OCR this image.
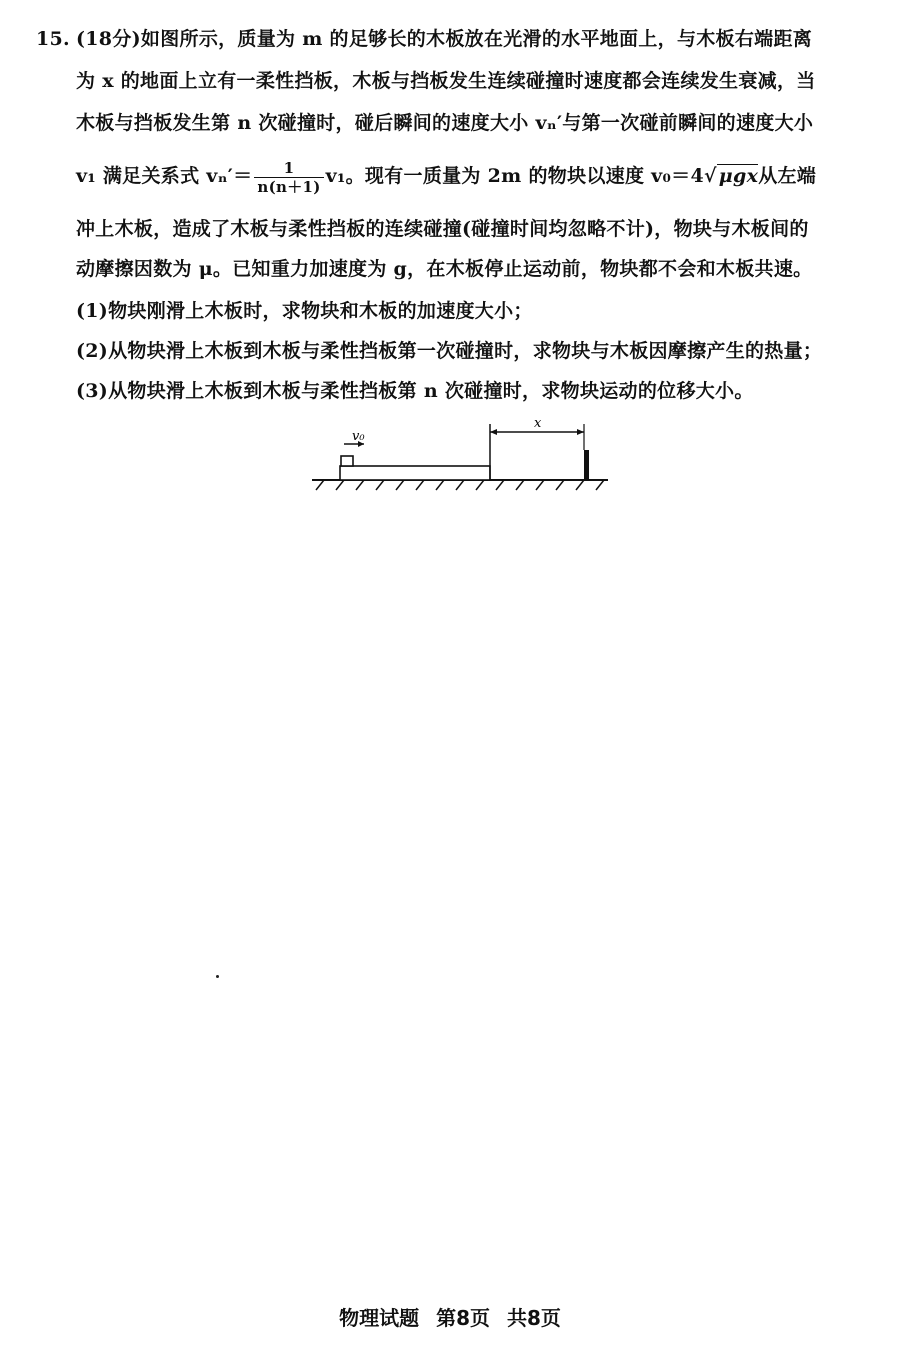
15. (18分)如图所示，质量为 m 的足够长的木板放在光滑的水平地面上，与木板右端距离
为 x 的地面上立有一柔性挡板，木板与挡板发生连续碰撞时速度都会连续发生衰减，当
木板与挡板发生第 n 次碰撞时，碰后瞬间的速度大小 vₙ′与第一次碰前瞬间的速度大小
v₁ 满足关系式 $v_n'= \frac{1}{n(n+1)} v_1$。现有一质量为 2m 的物块以速度 v₀＝4√ μgx从左端
冲上木板，造成了木板与柔性挡板的连续碰撞(碰撞时间均忽略不计)，物块与木板间的
动摩擦因数为 μ。已知重力加速度为 g，在木板停止运动前，物块都不会和木板共速。
(1)物块刚滑上木板时，求物块和木板的加速度大小；
(2)从物块滑上木板到木板与柔性挡板第一次碰撞时，求物块与木板因摩擦产生的热量；
(3)从物块滑上木板到木板与柔性挡板第 n 次碰撞时，求物块运动的位移大小。
v₀
x
物理试题 第8页 共8页
